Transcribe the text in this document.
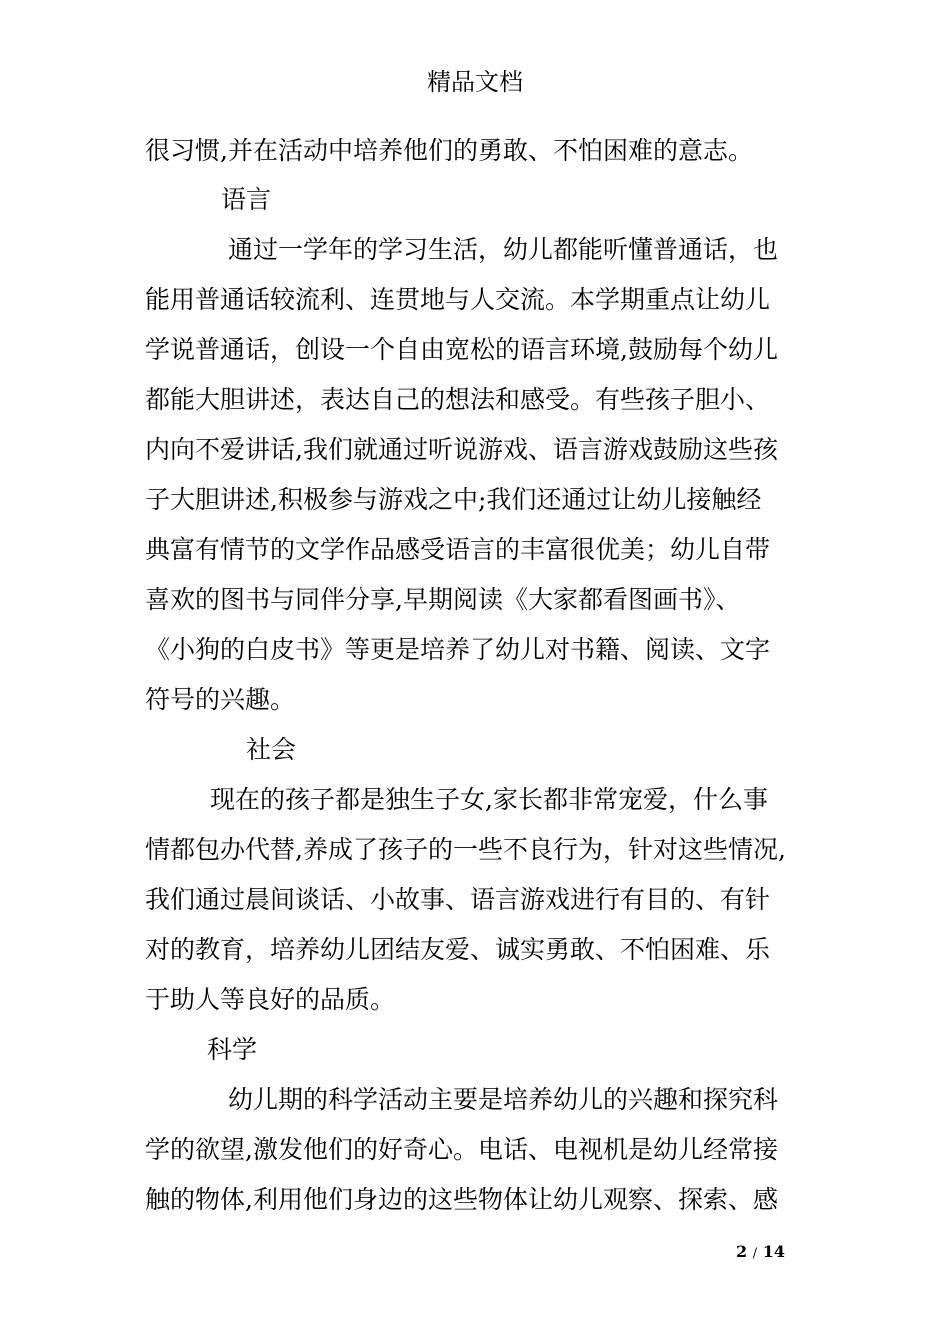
精品文档
很习惯,并在活动中培养他们的勇敢、不怕困难的意志。
语言
通过一学年的学习生活，幼儿都能听懂普通话，也
能用普通话较流利、连贯地与人交流。本学期重点让幼儿
学说普通话，创设一个自由宽松的语言环境,鼓励每个幼儿
都能大胆讲述，表达自己的想法和感受。有些孩子胆小、
内向不爱讲话,我们就通过听说游戏、语言游戏鼓励这些孩
子大胆讲述,积极参与游戏之中;我们还通过让幼儿接触经
典富有情节的文学作品感受语言的丰富很优美；幼儿自带
喜欢的图书与同伴分享,早期阅读《大家都看图画书》、
《小狗的白皮书》等更是培养了幼儿对书籍、阅读、文字
符号的兴趣。
社会
现在的孩子都是独生子女,家长都非常宠爱，什么事
情都包办代替,养成了孩子的一些不良行为，针对这些情况,
我们通过晨间谈话、小故事、语言游戏进行有目的、有针
对的教育，培养幼儿团结友爱、诚实勇敢、不怕困难、乐
于助人等良好的品质。
科学
幼儿期的科学活动主要是培养幼儿的兴趣和探究科
学的欲望,激发他们的好奇心。电话、电视机是幼儿经常接
触的物体,利用他们身边的这些物体让幼儿观察、探索、感
2 / 14
